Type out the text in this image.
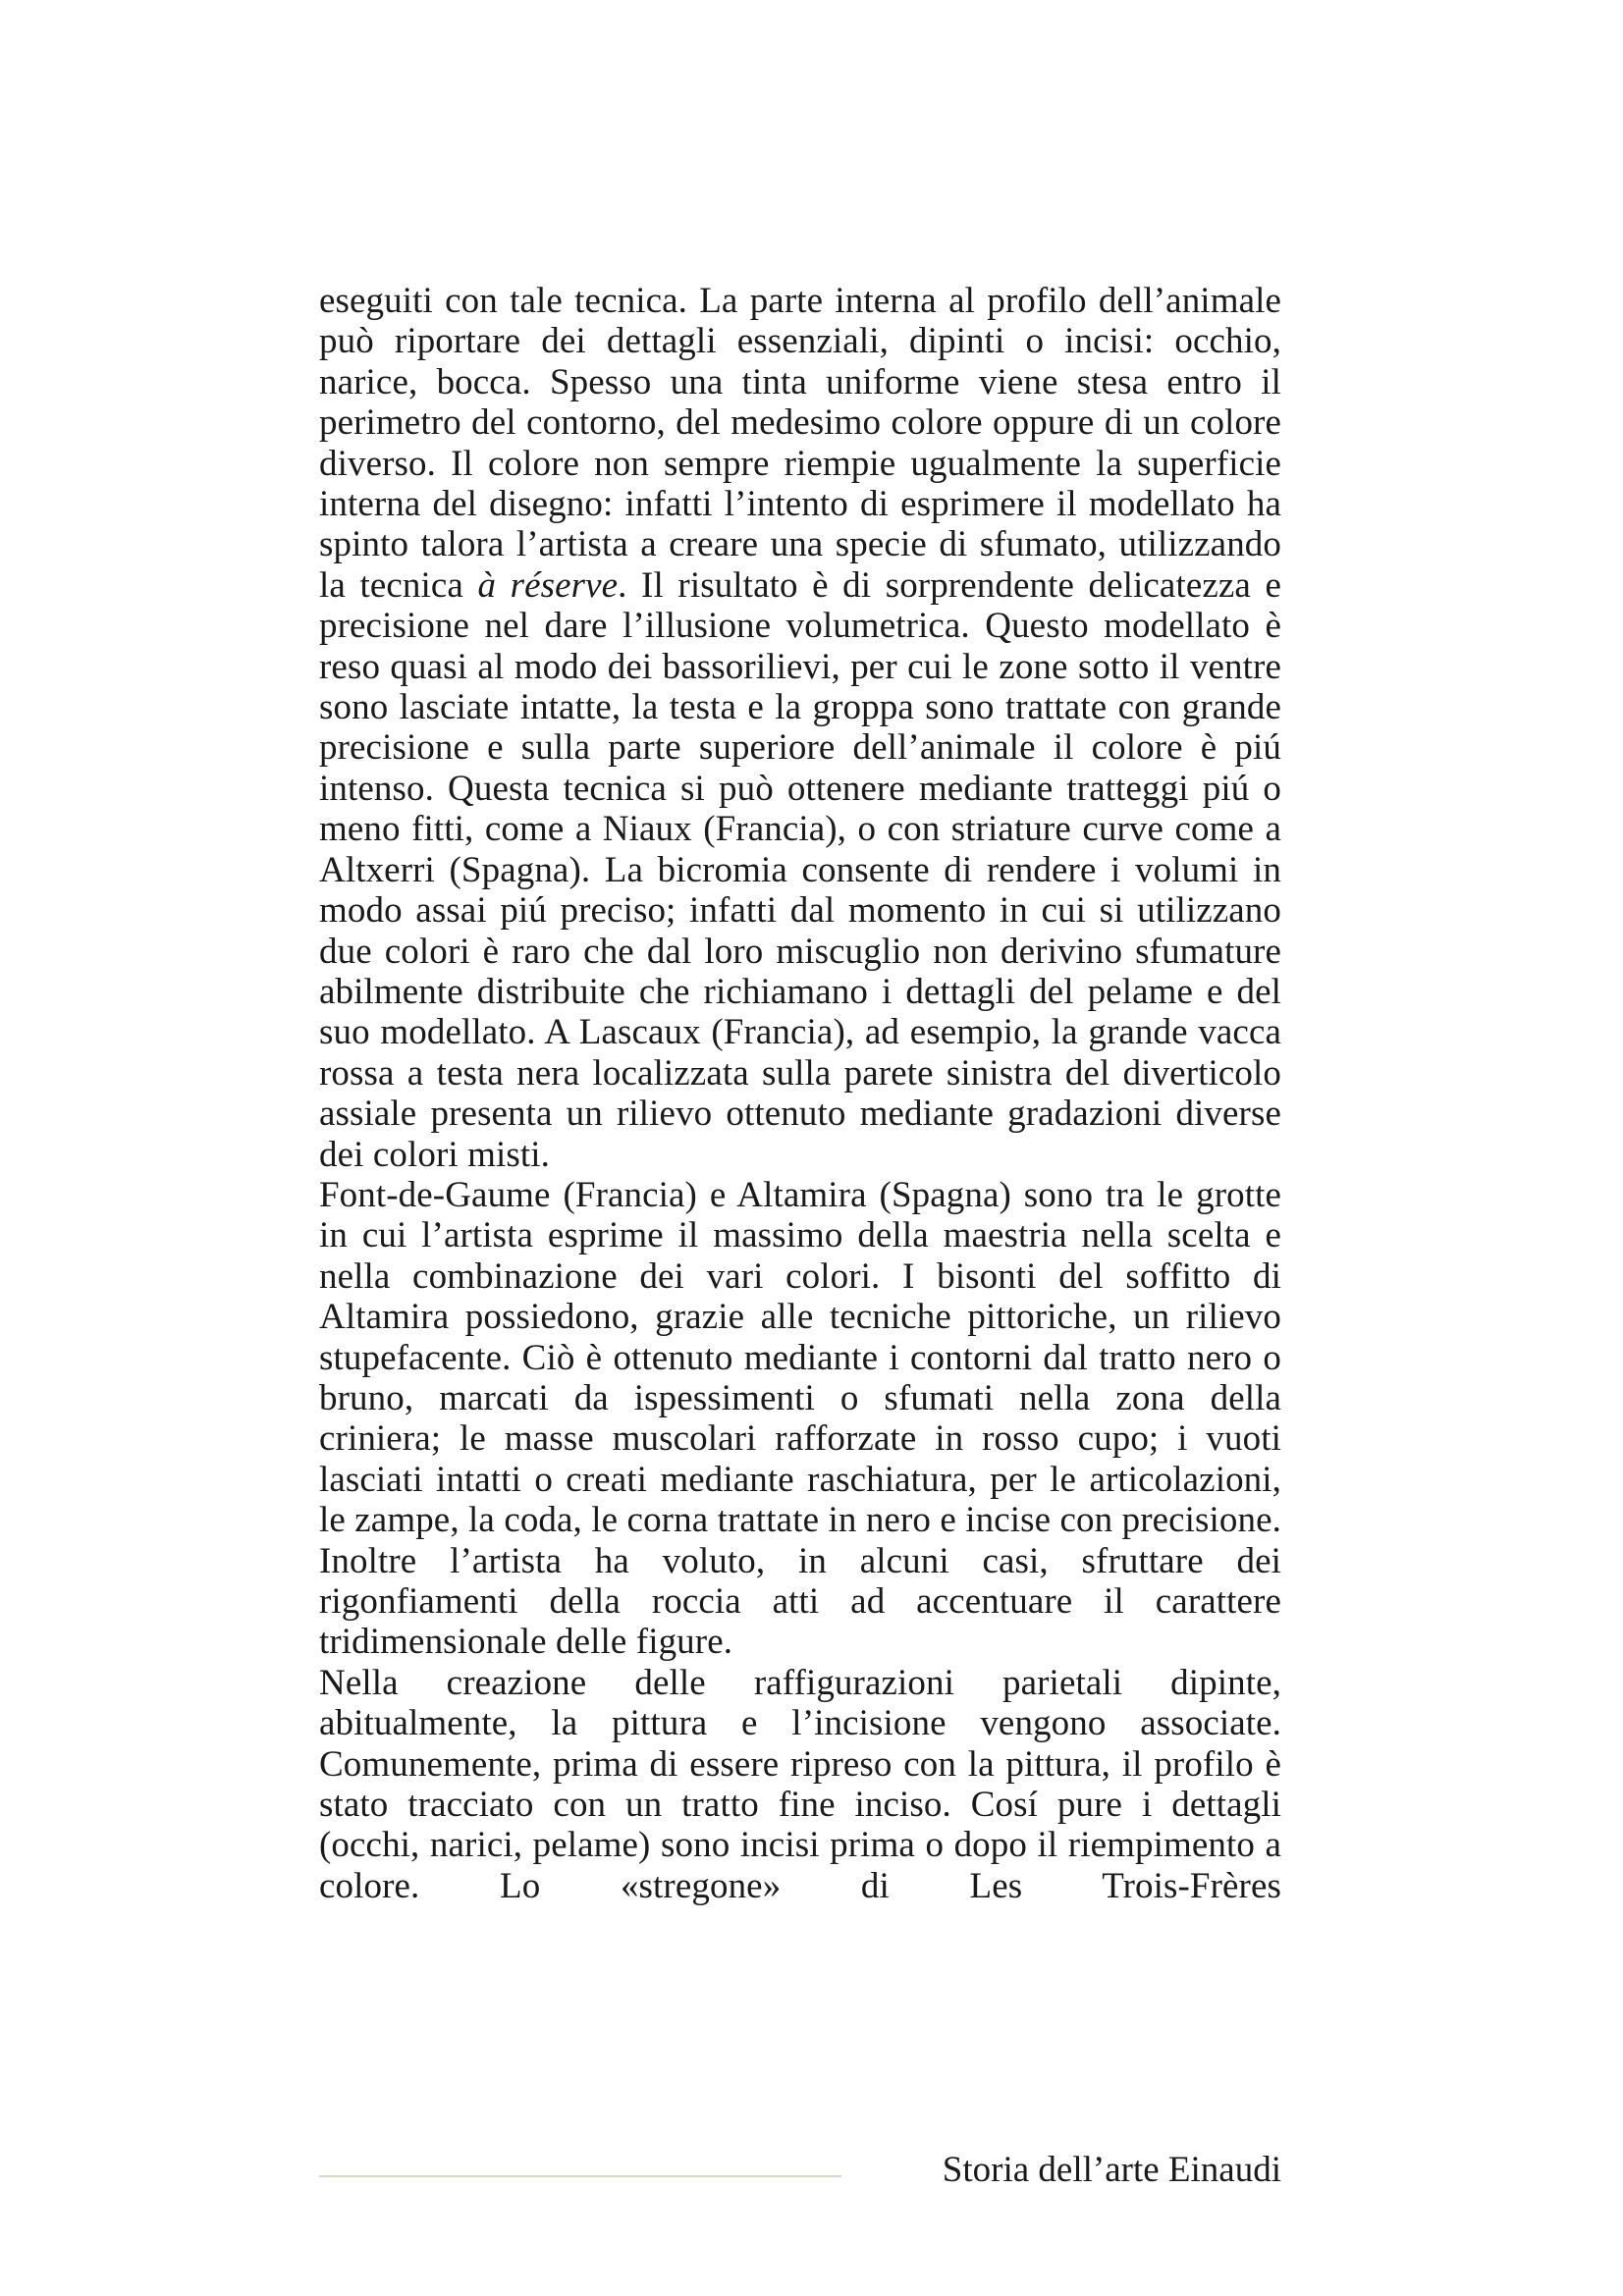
eseguiti con tale tecnica. La parte interna al profilo dell’animale può riportare dei dettagli essenziali, dipinti o incisi: occhio, narice, bocca. Spesso una tinta uniforme viene stesa entro il perimetro del contorno, del medesimo colore oppure di un colore diverso. Il colore non sempre riempie ugualmente la superficie interna del disegno: infatti l’intento di esprimere il modellato ha spinto talora l’artista a creare una specie di sfumato, utilizzando la tecnica à réserve. Il risultato è di sorprendente delicatezza e precisione nel dare l’illusione volumetrica. Questo modellato è reso quasi al modo dei bassorilievi, per cui le zone sotto il ventre sono lasciate intatte, la testa e la groppa sono trattate con grande precisione e sulla parte superiore dell’animale il colore è piú intenso. Questa tecnica si può ottenere mediante tratteggi piú o meno fitti, come a Niaux (Francia), o con striature curve come a Altxerri (Spagna). La bicromia consente di rendere i volumi in modo assai piú preciso; infatti dal momento in cui si utilizzano due colori è raro che dal loro miscuglio non derivino sfumature abilmente distribuite che richiamano i dettagli del pelame e del suo modellato. A Lascaux (Francia), ad esempio, la grande vacca rossa a testa nera localizzata sulla parete sinistra del diverticolo assiale presenta un rilievo ottenuto mediante gradazioni diverse dei colori misti.

Font-de-Gaume (Francia) e Altamira (Spagna) sono tra le grotte in cui l’artista esprime il massimo della maestria nella scelta e nella combinazione dei vari colori. I bisonti del soffitto di Altamira possiedono, grazie alle tecniche pittoriche, un rilievo stupefacente. Ciò è ottenuto mediante i contorni dal tratto nero o bruno, marcati da ispessimenti o sfumati nella zona della criniera; le masse muscolari rafforzate in rosso cupo; i vuoti lasciati intatti o creati mediante raschiatura, per le articolazioni, le zampe, la coda, le corna trattate in nero e incise con precisione. Inoltre l’artista ha voluto, in alcuni casi, sfruttare dei rigonfiamenti della roccia atti ad accentuare il carattere tridimensionale delle figure.

Nella creazione delle raffigurazioni parietali dipinte, abitualmente, la pittura e l’incisione vengono associate. Comunemente, prima di essere ripreso con la pittura, il profilo è stato tracciato con un tratto fine inciso. Cosí pure i dettagli (occhi, narici, pelame) sono incisi prima o dopo il riempimento a colore. Lo «stregone» di Les Trois-Frères

Storia dell’arte Einaudi
